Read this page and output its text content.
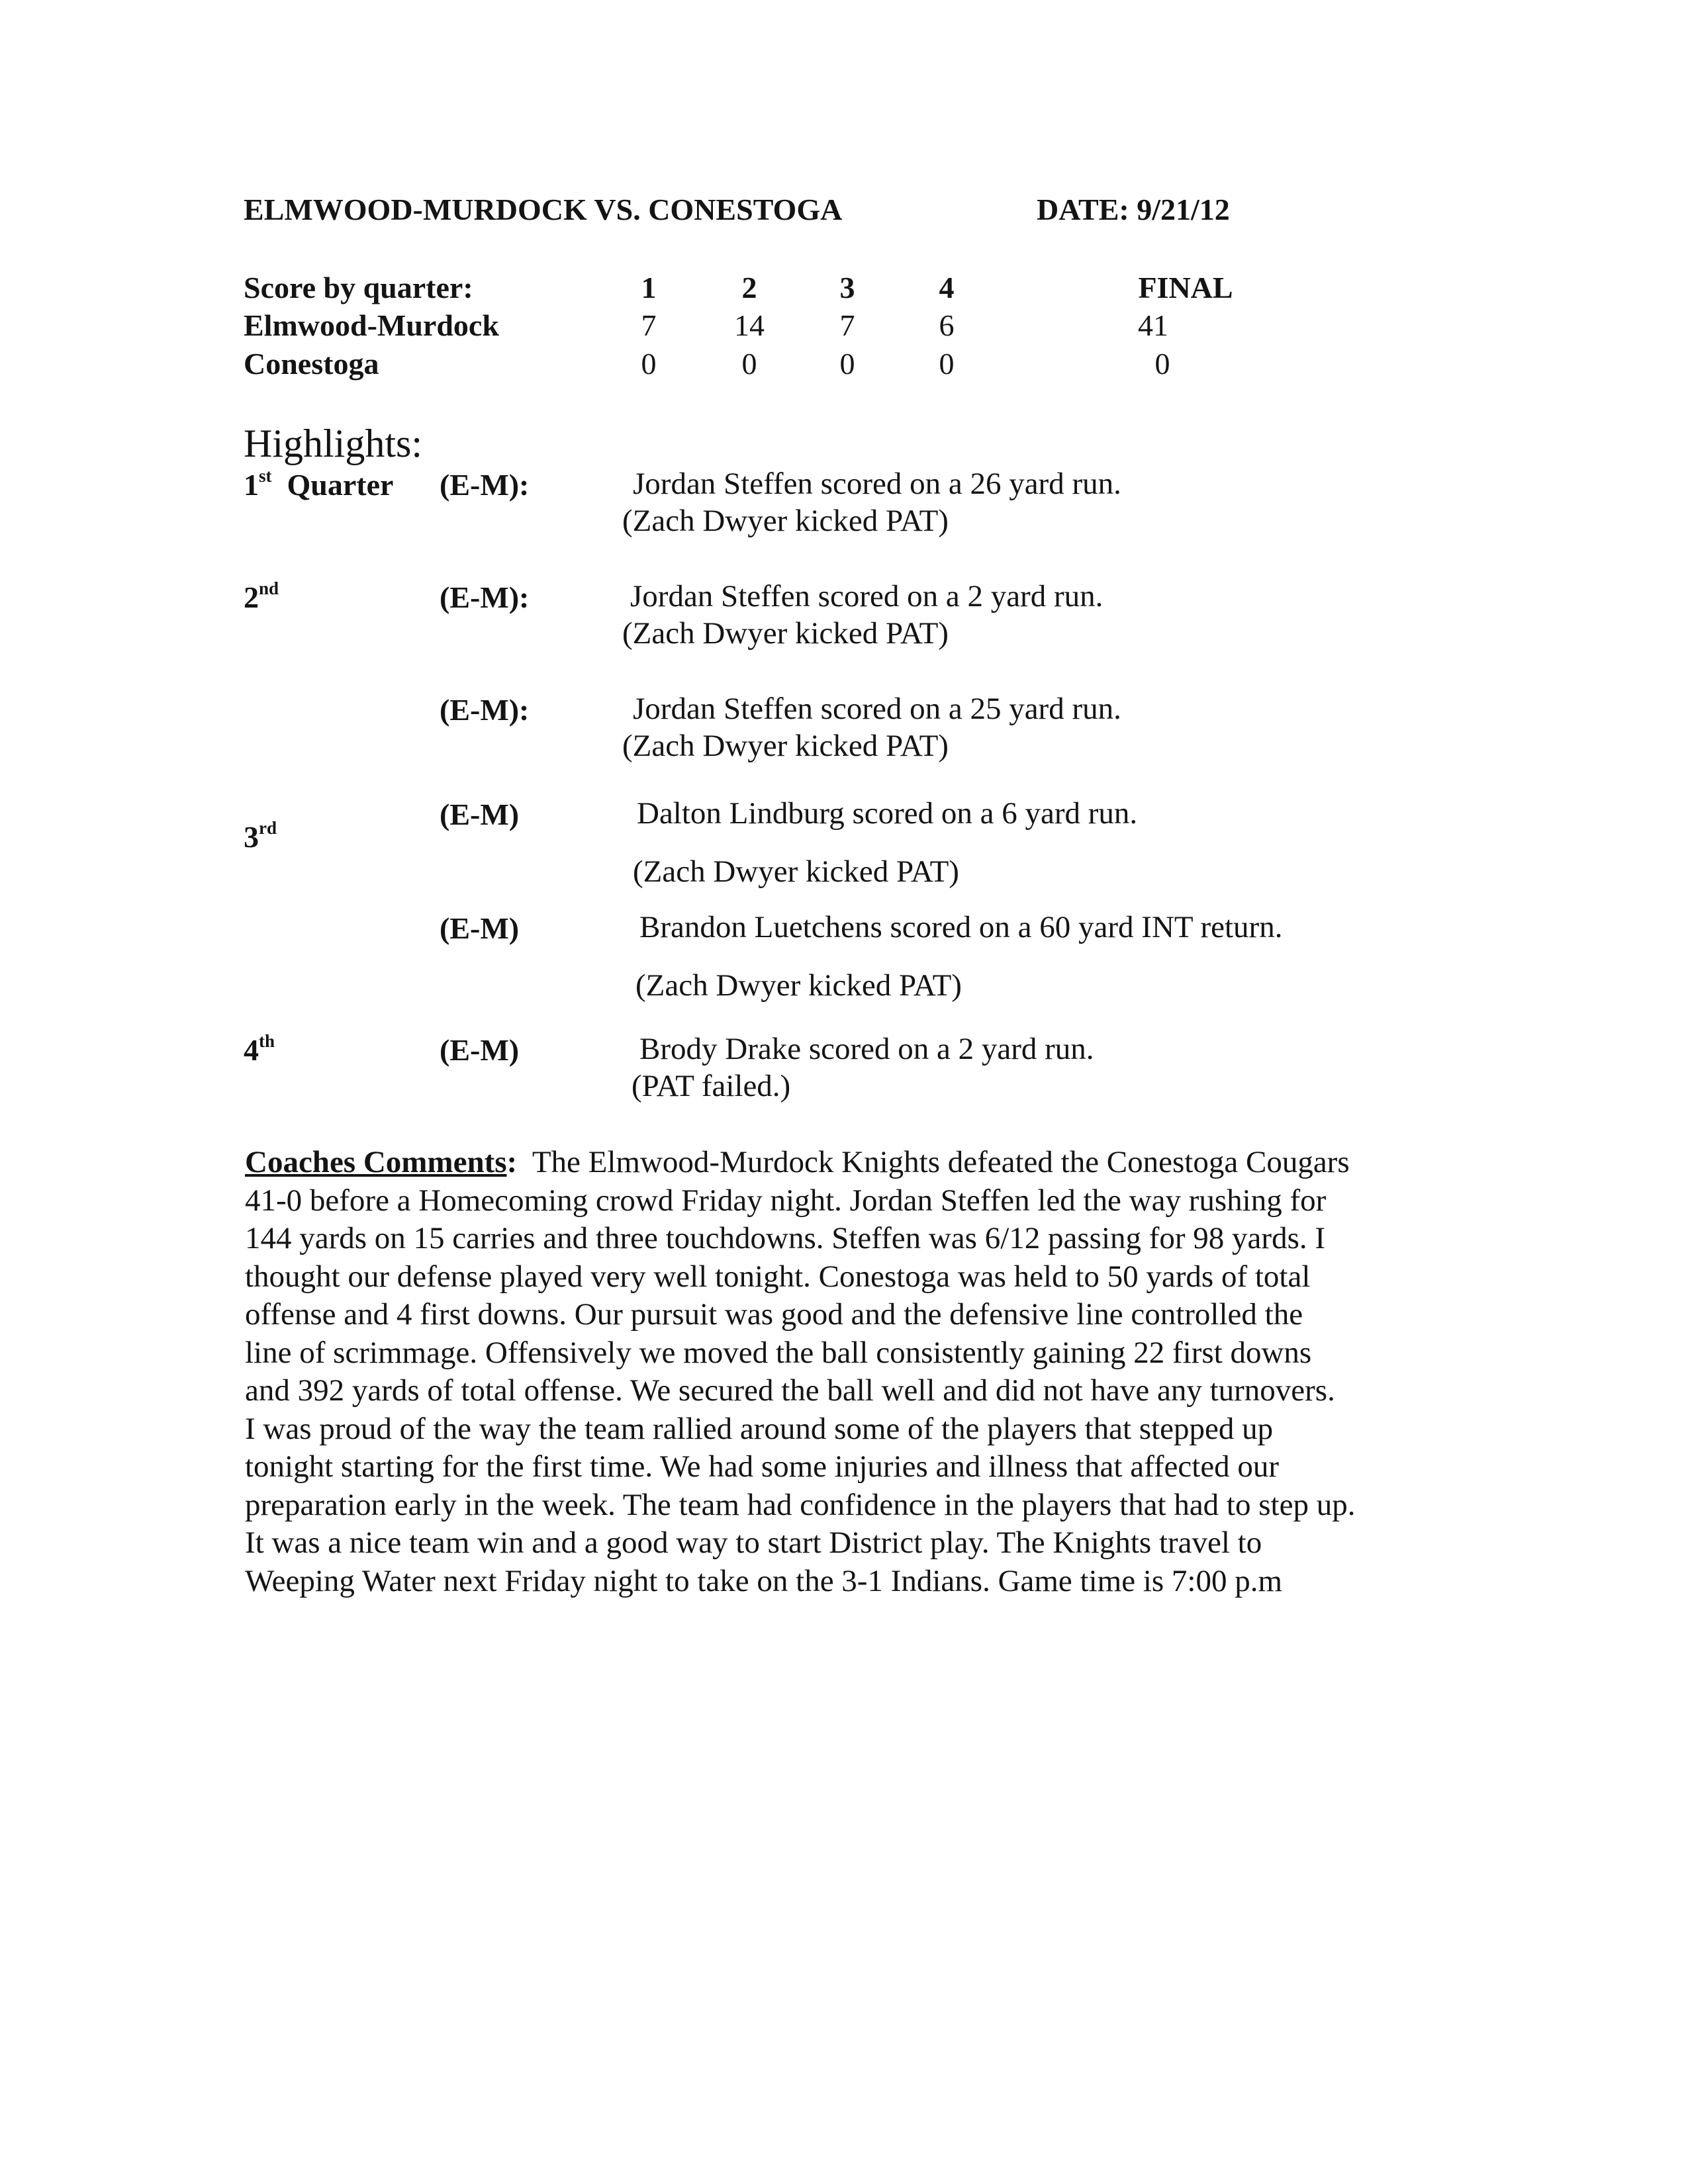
ELMWOOD-MURDOCK VS. CONESTOGA	DATE: 9/21/12
Score by quarter:	1	2	3	4	FINAL
Elmwood-Murdock	7	14 7	6	41
Conestoga	0	0	0	0	0
Highlights:
1st Quarter (E-M):	Jordan Steffen scored on a 26 yard run.
(Zach Dwyer kicked PAT)
2nd	(E-M):	Jordan Steffen scored on a 2 yard run.
(Zach Dwyer kicked PAT)
(E-M):	Jordan Steffen scored on a 25 yard run.
(Zach Dwyer kicked PAT)
3rd	(E-M)	Dalton Lindburg scored on a 6 yard run.
(Zach Dwyer kicked PAT)
(E-M)	Brandon Luetchens scored on a 60 yard INT return.
(Zach Dwyer kicked PAT)
4th	(E-M)	Brody Drake scored on a 2 yard run.
(PAT failed.)
Coaches Comments:  The Elmwood-Murdock Knights defeated the Conestoga Cougars
41-0 before a Homecoming crowd Friday night. Jordan Steffen led the way rushing for
144 yards on 15 carries and three touchdowns. Steffen was 6/12 passing for 98 yards. I
thought our defense played very well tonight. Conestoga was held to 50 yards of total
offense and 4 first downs. Our pursuit was good and the defensive line controlled the
line of scrimmage. Offensively we moved the ball consistently gaining 22 first downs
and 392 yards of total offense. We secured the ball well and did not have any turnovers.
I was proud of the way the team rallied around some of the players that stepped up
tonight starting for the first time. We had some injuries and illness that affected our
preparation early in the week. The team had confidence in the players that had to step up.
It was a nice team win and a good way to start District play. The Knights travel to
Weeping Water next Friday night to take on the 3-1 Indians. Game time is 7:00 p.m
